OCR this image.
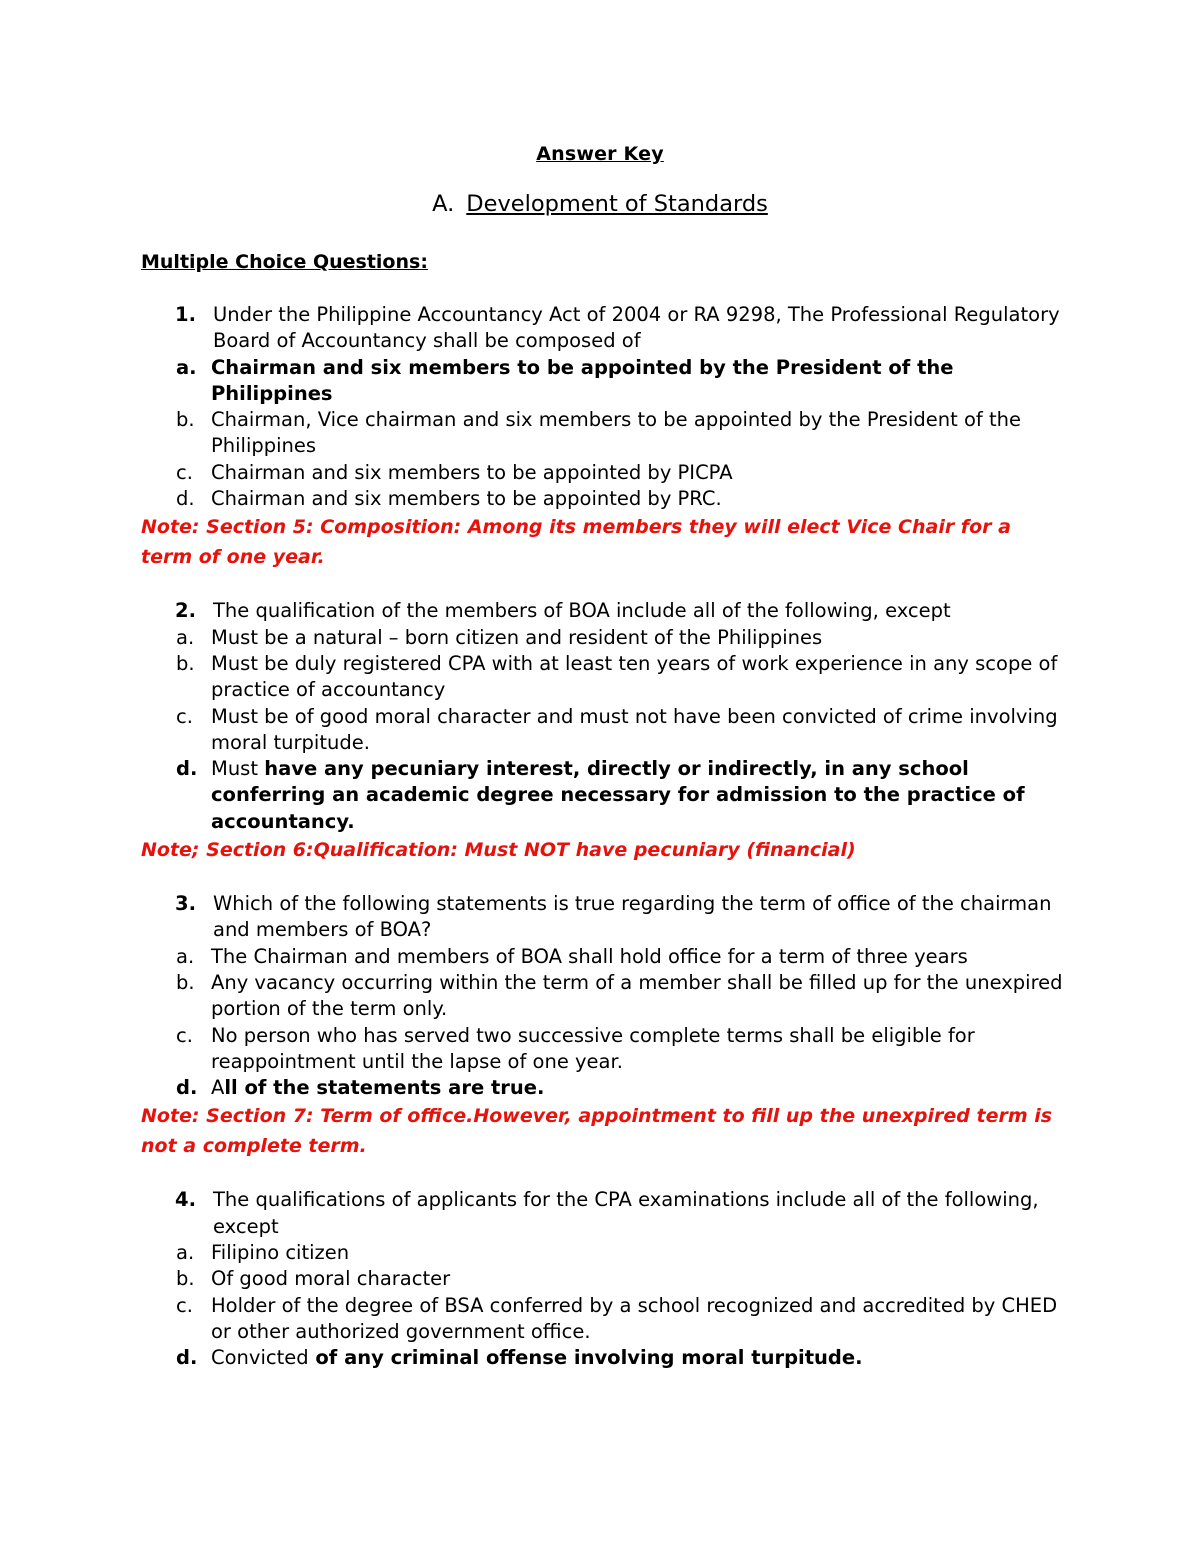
Answer Key
A. Development of Standards
Multiple Choice Questions:
1. Under the Philippine Accountancy Act of 2004 or RA 9298, The Professional Regulatory Board of Accountancy shall be composed of
a. Chairman and six members to be appointed by the President of the Philippines
b. Chairman, Vice chairman and six members to be appointed by the President of the Philippines
c. Chairman and six members to be appointed by PICPA
d. Chairman and six members to be appointed by PRC.
Note: Section 5: Composition: Among its members they will elect Vice Chair for a term of one year.
2. The qualification of the members of BOA include all of the following, except
a. Must be a natural – born citizen and resident of the Philippines
b. Must be duly registered CPA with at least ten years of work experience in any scope of practice of accountancy
c. Must be of good moral character and must not have been convicted of crime involving moral turpitude.
d. Must have any pecuniary interest, directly or indirectly, in any school conferring an academic degree necessary for admission to the practice of accountancy.
Note; Section 6:Qualification: Must NOT have pecuniary (financial)
3. Which of the following statements is true regarding the term of office of the chairman and members of BOA?
a. The Chairman and members of BOA shall hold office for a term of three years
b. Any vacancy occurring within the term of a member shall be filled up for the unexpired portion of the term only.
c. No person who has served two successive complete terms shall be eligible for reappointment until the lapse of one year.
d. All of the statements are true.
Note: Section 7: Term of office.However, appointment to fill up the unexpired term is not a complete term.
4. The qualifications of applicants for the CPA examinations include all of the following, except
a. Filipino citizen
b. Of good moral character
c. Holder of the degree of BSA conferred by a school recognized and accredited by CHED or other authorized government office.
d. Convicted of any criminal offense involving moral turpitude.
